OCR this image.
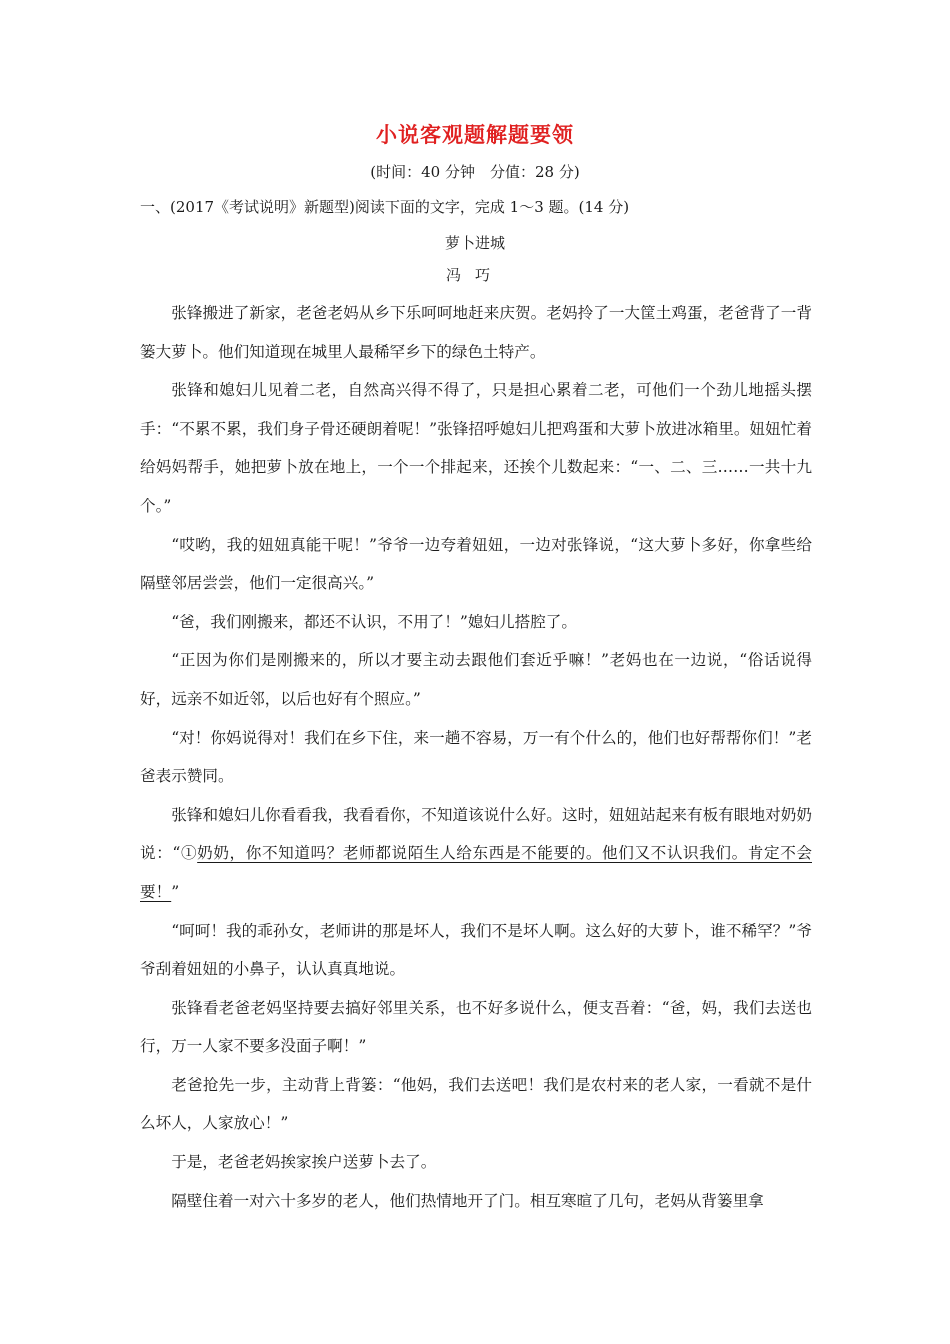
小说客观题解题要领
(时间：40 分钟　分值：28 分)
一、(2017《考试说明》新题型)阅读下面的文字，完成 1～3 题。(14 分)
萝卜进城
冯巧

张锋搬进了新家，老爸老妈从乡下乐呵呵地赶来庆贺。老妈拎了一大筐土鸡蛋，老爸背了一背篓大萝卜。他们知道现在城里人最稀罕乡下的绿色土特产。

张锋和媳妇儿见着二老，自然高兴得不得了，只是担心累着二老，可他们一个劲儿地摇头摆手：“不累不累，我们身子骨还硬朗着呢！”张锋招呼媳妇儿把鸡蛋和大萝卜放进冰箱里。妞妞忙着给妈妈帮手，她把萝卜放在地上，一个一个排起来，还挨个儿数起来：“一、二、三……一共十九个。”

“哎哟，我的妞妞真能干呢！”爷爷一边夸着妞妞，一边对张锋说，“这大萝卜多好，你拿些给隔壁邻居尝尝，他们一定很高兴。”

“爸，我们刚搬来，都还不认识，不用了！”媳妇儿搭腔了。

“正因为你们是刚搬来的，所以才要主动去跟他们套近乎嘛！”老妈也在一边说，“俗话说得好，远亲不如近邻，以后也好有个照应。”

“对！你妈说得对！我们在乡下住，来一趟不容易，万一有个什么的，他们也好帮帮你们！”老爸表示赞同。

张锋和媳妇儿你看看我，我看看你，不知道该说什么好。这时，妞妞站起来有板有眼地对奶奶说：“①奶奶，你不知道吗？老师都说陌生人给东西是不能要的。他们又不认识我们。肯定不会要！”

“呵呵！我的乖孙女，老师讲的那是坏人，我们不是坏人啊。这么好的大萝卜，谁不稀罕？”爷爷刮着妞妞的小鼻子，认认真真地说。

张锋看老爸老妈坚持要去搞好邻里关系，也不好多说什么，便支吾着：“爸，妈，我们去送也行，万一人家不要多没面子啊！”

老爸抢先一步，主动背上背篓：“他妈，我们去送吧！我们是农村来的老人家，一看就不是什么坏人，人家放心！”

于是，老爸老妈挨家挨户送萝卜去了。

隔壁住着一对六十多岁的老人，他们热情地开了门。相互寒暄了几句，老妈从背篓里拿
